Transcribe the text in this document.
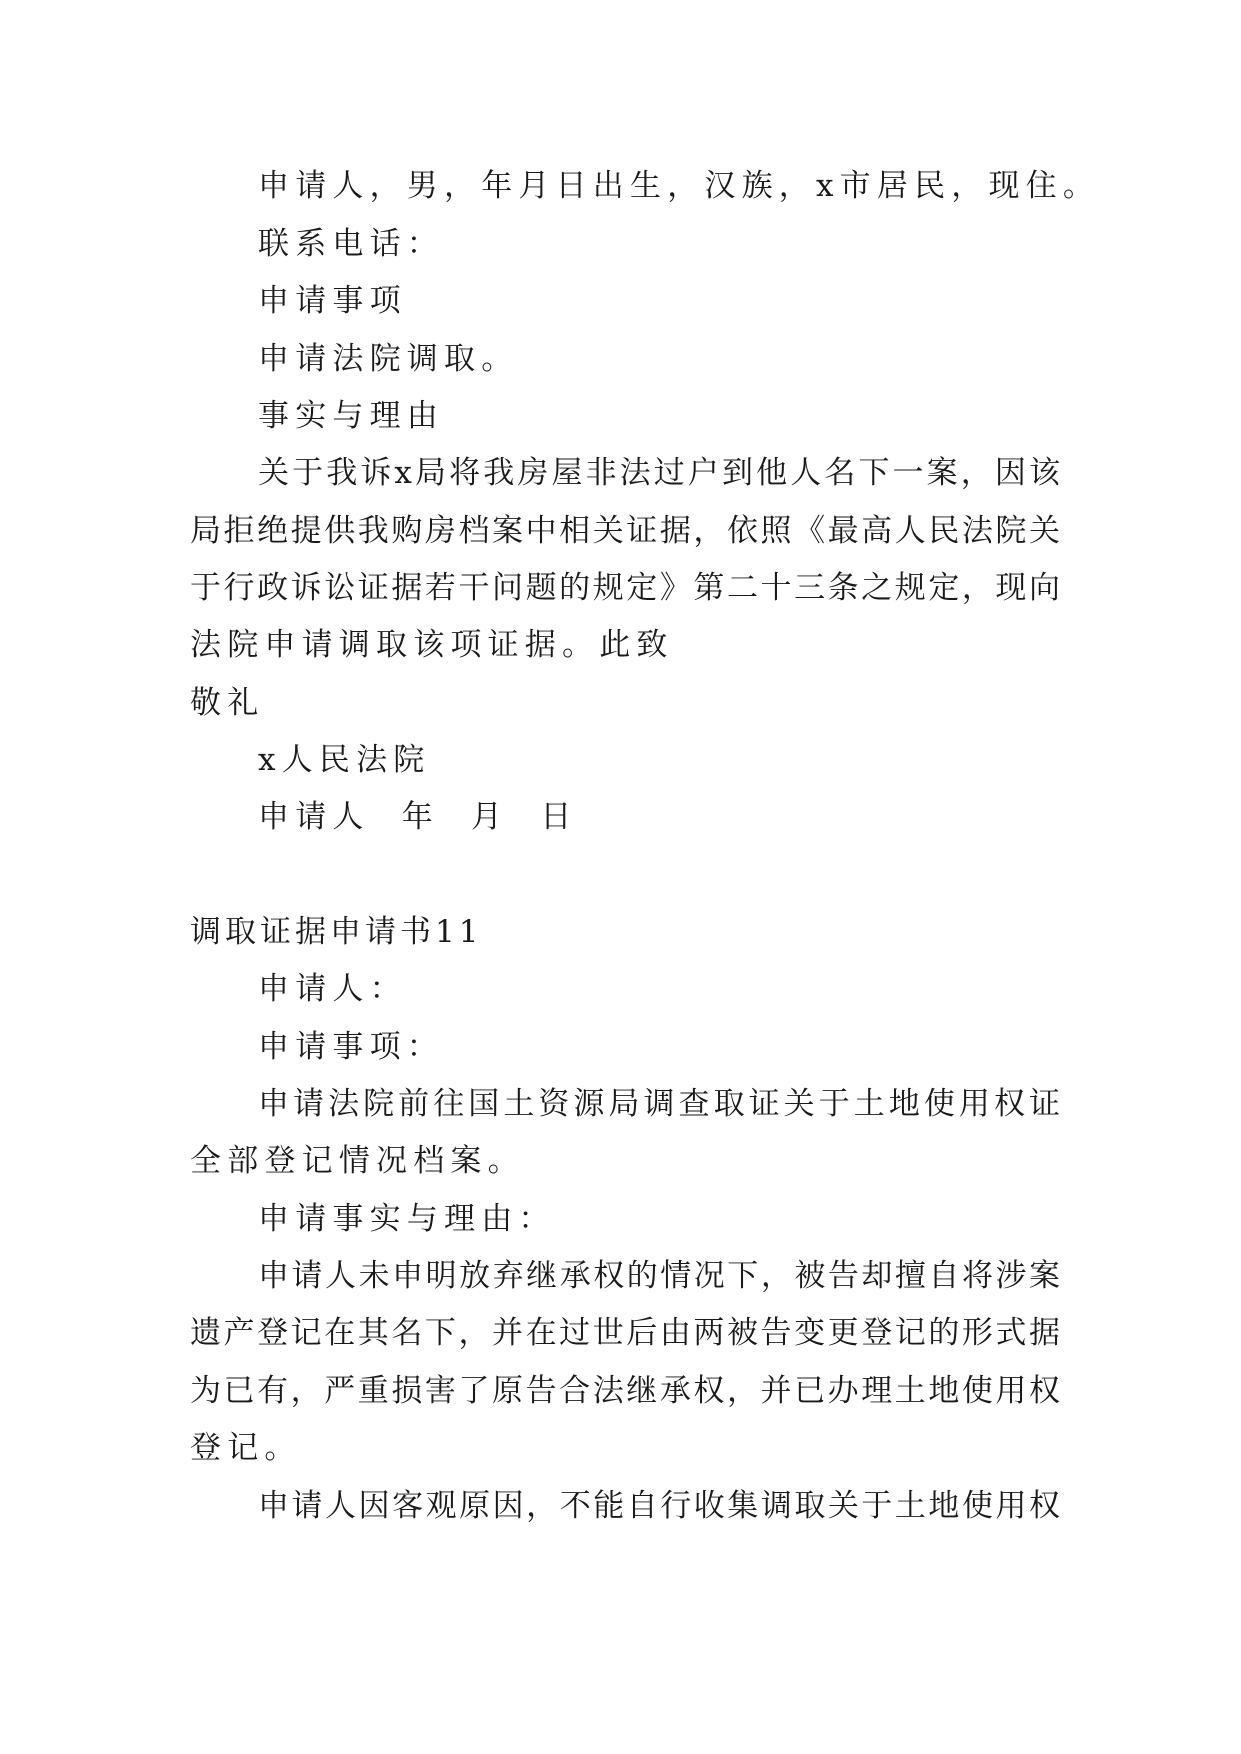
申请人，男，年月日出生，汉族，x市居民，现住。

联系电话：

申请事项

申请法院调取。

事实与理由

关于我诉x局将我房屋非法过户到他人名下一案，因该

局拒绝提供我购房档案中相关证据，依照《最高人民法院关

于行政诉讼证据若干问题的规定》第二十三条之规定，现向

法院申请调取该项证据。此致

敬礼

x人民法院

申请人  年  月  日

调取证据申请书11

申请人：

申请事项：

申请法院前往国土资源局调查取证关于土地使用权证

全部登记情况档案。

申请事实与理由：

申请人未申明放弃继承权的情况下，被告却擅自将涉案

遗产登记在其名下，并在过世后由两被告变更登记的形式据

为已有，严重损害了原告合法继承权，并已办理土地使用权

登记。

申请人因客观原因，不能自行收集调取关于土地使用权
